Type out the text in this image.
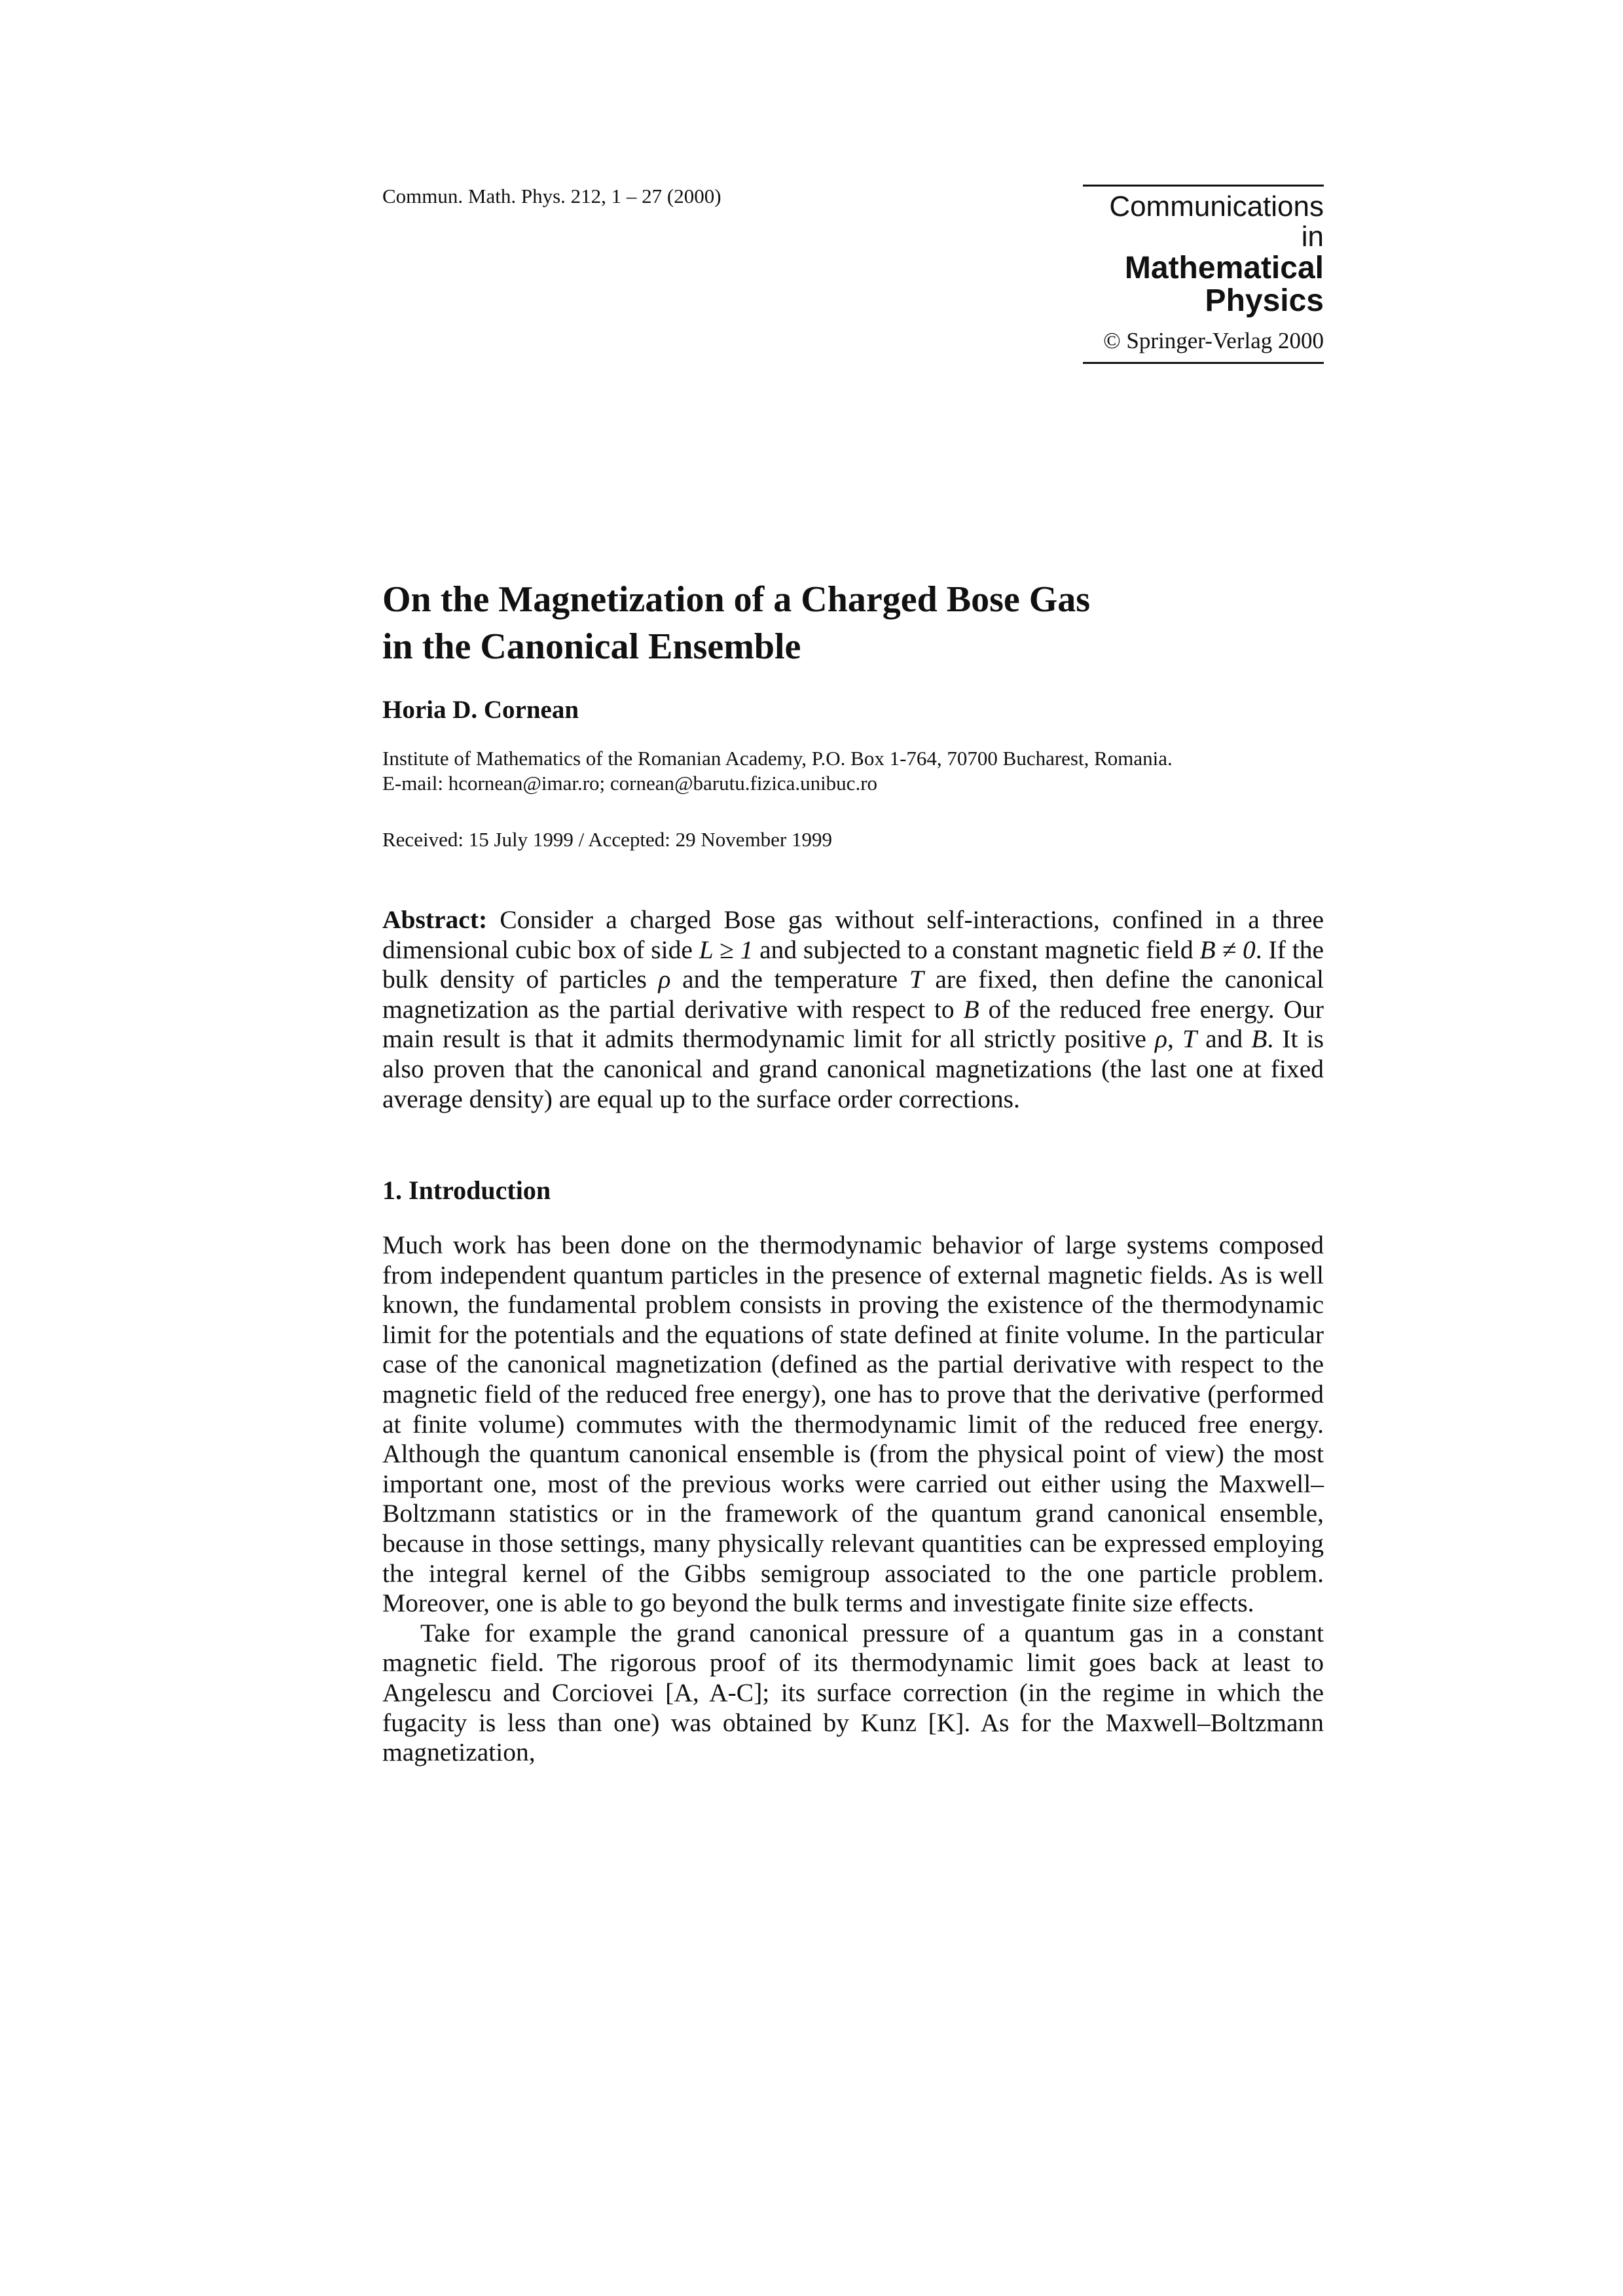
Commun. Math. Phys. 212, 1 – 27 (2000)	Communications in
Mathematical
Physics
© Springer-Verlag 2000
On the Magnetization of a Charged Bose Gas
in the Canonical Ensemble
Horia D. Cornean
Institute of Mathematics of the Romanian Academy, P.O. Box 1-764, 70700 Bucharest, Romania.
E-mail: hcornean@imar.ro; cornean@barutu.fizica.unibuc.ro
Received: 15 July 1999 / Accepted: 29 November 1999

Abstract: Consider a charged Bose gas without self-interactions, confined in a three dimensional cubic box of side L ≥ 1 and subjected to a constant magnetic field B ≠ 0. If the bulk density of particles ρ and the temperature T are fixed, then define the canonical magnetization as the partial derivative with respect to B of the reduced free energy. Our main result is that it admits thermodynamic limit for all strictly positive ρ, T and B. It is also proven that the canonical and grand canonical magnetizations (the last one at fixed average density) are equal up to the surface order corrections.

1. Introduction

Much work has been done on the thermodynamic behavior of large systems composed from independent quantum particles in the presence of external magnetic fields. As is well known, the fundamental problem consists in proving the existence of the thermodynamic limit for the potentials and the equations of state defined at finite volume. In the particular case of the canonical magnetization (defined as the partial derivative with respect to the magnetic field of the reduced free energy), one has to prove that the derivative (performed at finite volume) commutes with the thermodynamic limit of the reduced free energy. Although the quantum canonical ensemble is (from the physical point of view) the most important one, most of the previous works were carried out either using the Maxwell–Boltzmann statistics or in the framework of the quantum grand canonical ensemble, because in those settings, many physically relevant quantities can be expressed employing the integral kernel of the Gibbs semigroup associated to the one particle problem. Moreover, one is able to go beyond the bulk terms and investigate finite size effects.

Take for example the grand canonical pressure of a quantum gas in a constant magnetic field. The rigorous proof of its thermodynamic limit goes back at least to Angelescu and Corciovei [A, A-C]; its surface correction (in the regime in which the fugacity is less than one) was obtained by Kunz [K]. As for the Maxwell–Boltzmann magnetization,
